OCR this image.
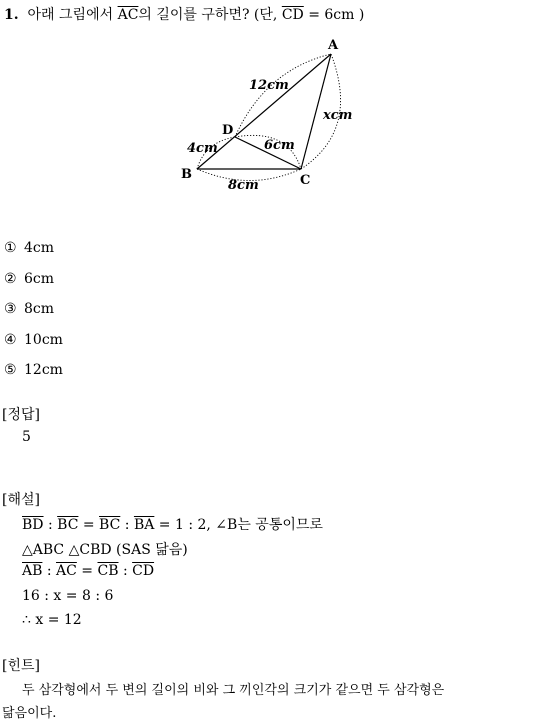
1. 아래 그림에서 $\overline{AC}$의 길이를 구하면? (단, $\overline{CD} = 6cm$ )
A
B	C
D
12cm
4cm	6cm
8cm
xcm
① 4cm
② 6cm
③ 8cm
④ 10cm
⑤ 12cm
[정답]
5
[해설]
$\overline{BD}$ : $\overline{BC} = \overline{BC}$ : $\overline{BA} = 1$ : 2, ∠B는 공통이므로
△ABC △CBD (SAS 닮음)
$\overline{AB}$ : $\overline{AC} = \overline{CB}$ : $\overline{CD}$
16 : x = 8 : 6
∴ x = 12
[힌트]
두 삼각형에서 두 변의 길이의 비와 그 끼인각의 크기가 같으면 두 삼각형은
닮음이다.
